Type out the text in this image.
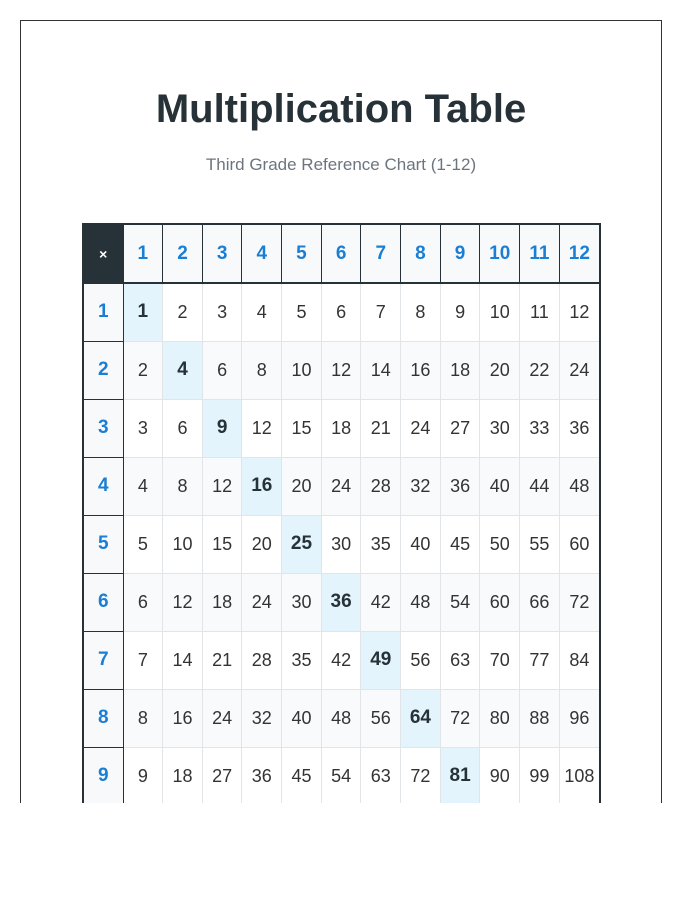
Multiplication Table

Third Grade Reference Chart (1-12)

×	1	2	3	4	5	6	7	8	9	10	11	12
1	1	2	3	4	5	6	7	8	9	10	11	12
2	2	4	6	8	10	12	14	16	18	20	22	24
3	3	6	9	12	15	18	21	24	27	30	33	36
4	4	8	12	16	20	24	28	32	36	40	44	48
5	5	10	15	20	25	30	35	40	45	50	55	60
6	6	12	18	24	30	36	42	48	54	60	66	72
7	7	14	21	28	35	42	49	56	63	70	77	84
8	8	16	24	32	40	48	56	64	72	80	88	96
9	9	18	27	36	45	54	63	72	81	90	99	108
